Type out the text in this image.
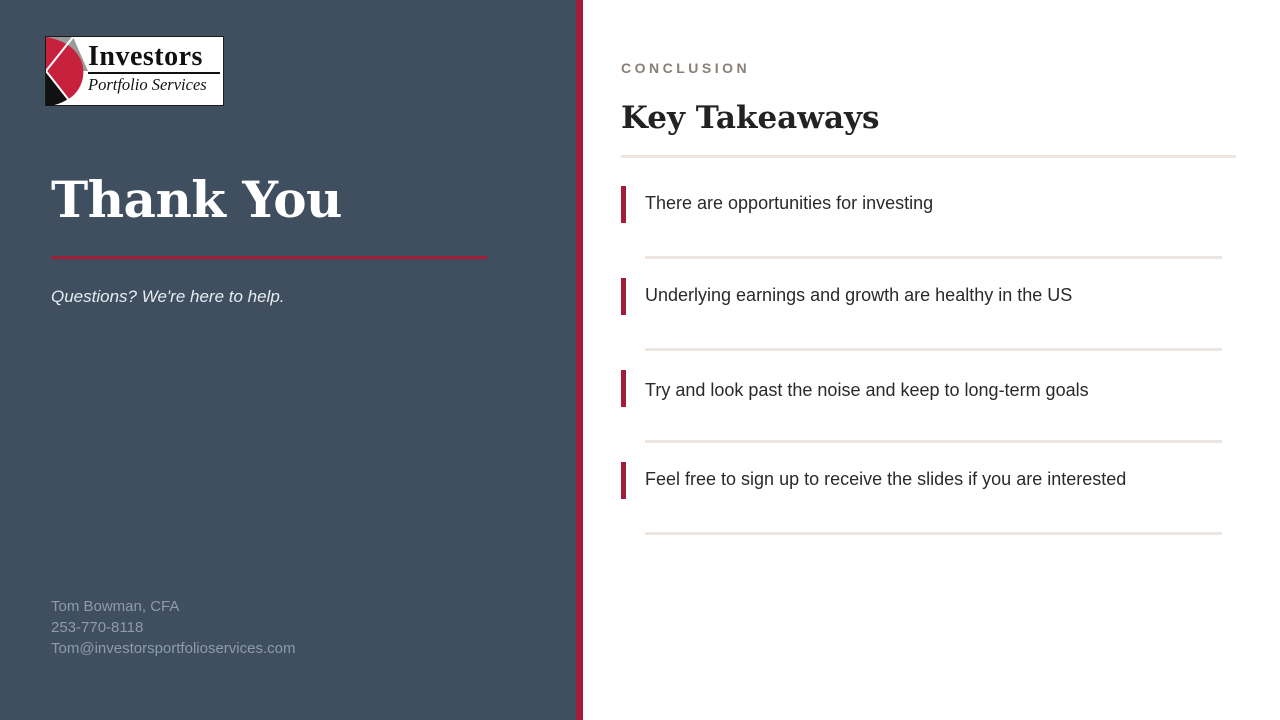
Investors
Portfolio Services
Thank You
Questions? We're here to help.
Tom Bowman, CFA
253-770-8118
Tom@investorsportfolioservices.com
CONCLUSION
Key Takeaways
There are opportunities for investing
Underlying earnings and growth are healthy in the US
Try and look past the noise and keep to long-term goals
Feel free to sign up to receive the slides if you are interested
